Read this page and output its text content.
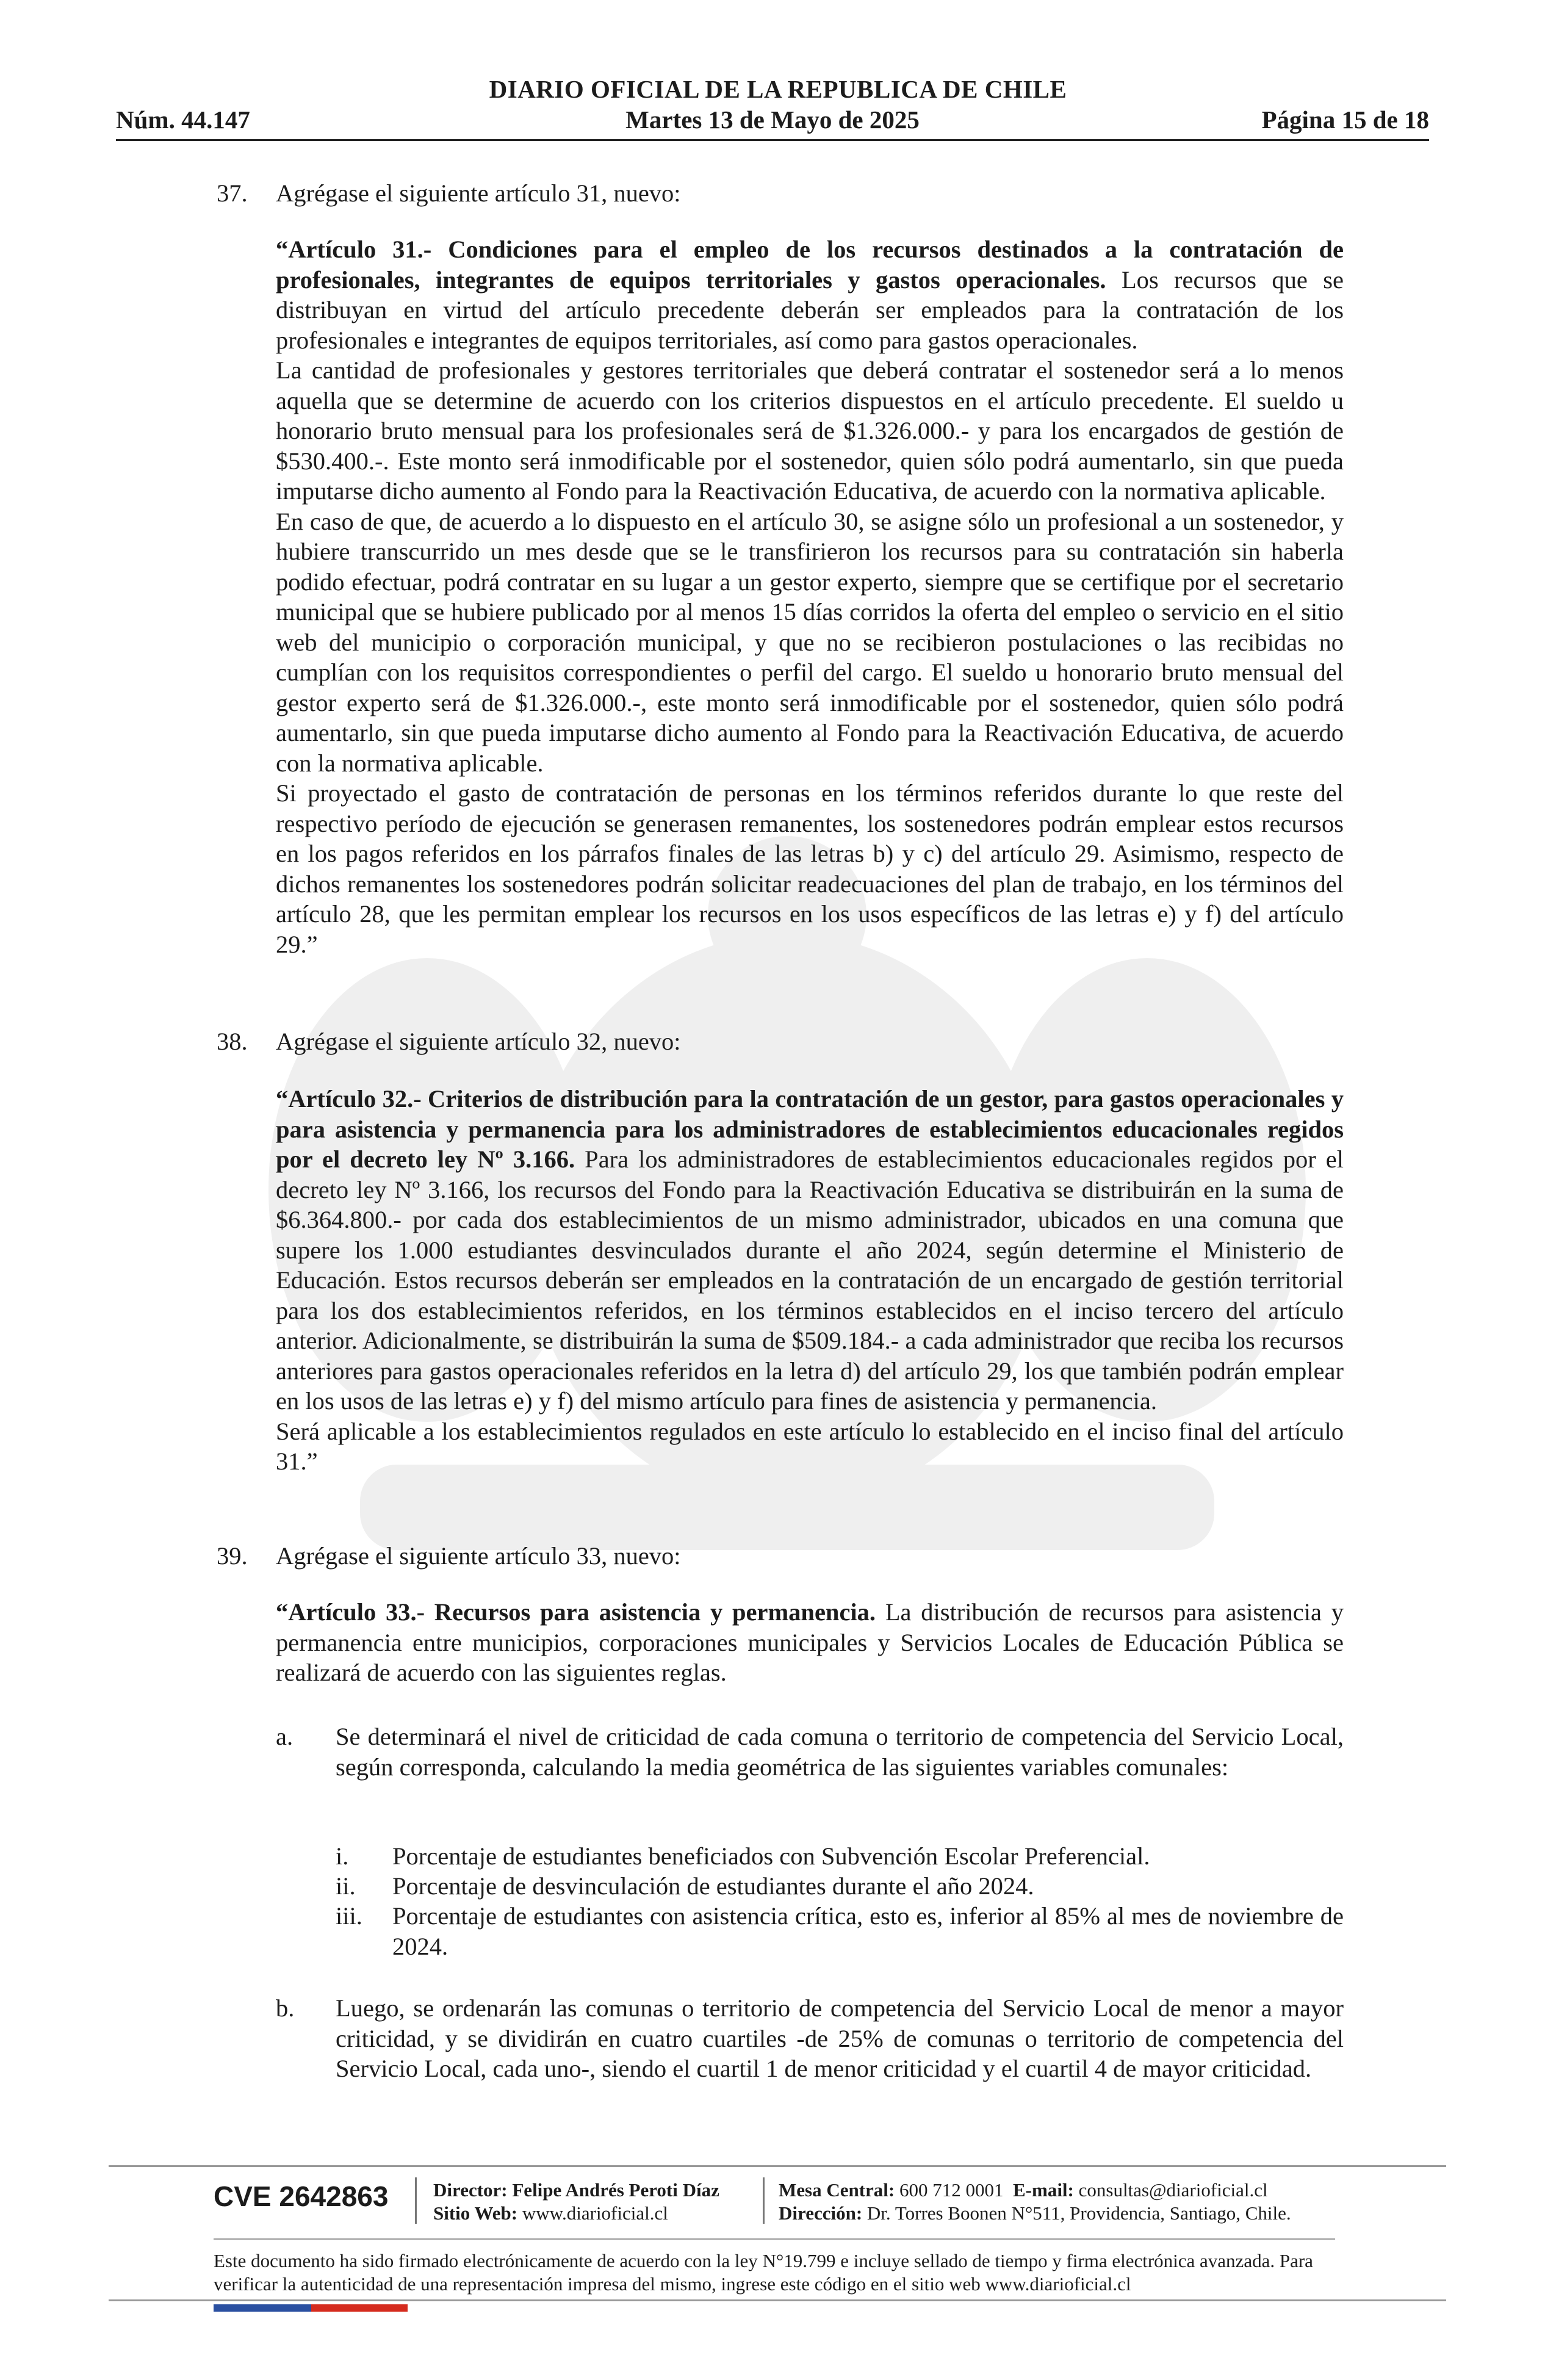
DIARIO OFICIAL DE LA REPUBLICA DE CHILE
Núm. 44.147	Martes 13 de Mayo de 2025	Página 15 de 18
37. Agrégase el siguiente artículo 31, nuevo:

“Artículo 31.- Condiciones para el empleo de los recursos destinados a la contratación de profesionales, integrantes de equipos territoriales y gastos operacionales. Los recursos que se distribuyan en virtud del artículo precedente deberán ser empleados para la contratación de los profesionales e integrantes de equipos territoriales, así como para gastos operacionales.

La cantidad de profesionales y gestores territoriales que deberá contratar el sostenedor será a lo menos aquella que se determine de acuerdo con los criterios dispuestos en el artículo precedente. El sueldo u honorario bruto mensual para los profesionales será de $1.326.000.- y para los encargados de gestión de $530.400.-. Este monto será inmodificable por el sostenedor, quien sólo podrá aumentarlo, sin que pueda imputarse dicho aumento al Fondo para la Reactivación Educativa, de acuerdo con la normativa aplicable.

En caso de que, de acuerdo a lo dispuesto en el artículo 30, se asigne sólo un profesional a un sostenedor, y hubiere transcurrido un mes desde que se le transfirieron los recursos para su contratación sin haberla podido efectuar, podrá contratar en su lugar a un gestor experto, siempre que se certifique por el secretario municipal que se hubiere publicado por al menos 15 días corridos la oferta del empleo o servicio en el sitio web del municipio o corporación municipal, y que no se recibieron postulaciones o las recibidas no cumplían con los requisitos correspondientes o perfil del cargo. El sueldo u honorario bruto mensual del gestor experto será de $1.326.000.-, este monto será inmodificable por el sostenedor, quien sólo podrá aumentarlo, sin que pueda imputarse dicho aumento al Fondo para la Reactivación Educativa, de acuerdo con la normativa aplicable.

Si proyectado el gasto de contratación de personas en los términos referidos durante lo que reste del respectivo período de ejecución se generasen remanentes, los sostenedores podrán emplear estos recursos en los pagos referidos en los párrafos finales de las letras b) y c) del artículo 29. Asimismo, respecto de dichos remanentes los sostenedores podrán solicitar readecuaciones del plan de trabajo, en los términos del artículo 28, que les permitan emplear los recursos en los usos específicos de las letras e) y f) del artículo 29.”

38. Agrégase el siguiente artículo 32, nuevo:

“Artículo 32.- Criterios de distribución para la contratación de un gestor, para gastos operacionales y para asistencia y permanencia para los administradores de establecimientos educacionales regidos por el decreto ley Nº 3.166. Para los administradores de establecimientos educacionales regidos por el decreto ley Nº 3.166, los recursos del Fondo para la Reactivación Educativa se distribuirán en la suma de $6.364.800.- por cada dos establecimientos de un mismo administrador, ubicados en una comuna que supere los 1.000 estudiantes desvinculados durante el año 2024, según determine el Ministerio de Educación. Estos recursos deberán ser empleados en la contratación de un encargado de gestión territorial para los dos establecimientos referidos, en los términos establecidos en el inciso tercero del artículo anterior. Adicionalmente, se distribuirán la suma de $509.184.- a cada administrador que reciba los recursos anteriores para gastos operacionales referidos en la letra d) del artículo 29, los que también podrán emplear en los usos de las letras e) y f) del mismo artículo para fines de asistencia y permanencia.

Será aplicable a los establecimientos regulados en este artículo lo establecido en el inciso final del artículo 31.”

39. Agrégase el siguiente artículo 33, nuevo:

“Artículo 33.- Recursos para asistencia y permanencia. La distribución de recursos para asistencia y permanencia entre municipios, corporaciones municipales y Servicios Locales de Educación Pública se realizará de acuerdo con las siguientes reglas.

a. Se determinará el nivel de criticidad de cada comuna o territorio de competencia del Servicio Local, según corresponda, calculando la media geométrica de las siguientes variables comunales:
i. Porcentaje de estudiantes beneficiados con Subvención Escolar Preferencial.
ii. Porcentaje de desvinculación de estudiantes durante el año 2024.
iii. Porcentaje de estudiantes con asistencia crítica, esto es, inferior al 85% al mes de noviembre de 2024.
b. Luego, se ordenarán las comunas o territorio de competencia del Servicio Local de menor a mayor criticidad, y se dividirán en cuatro cuartiles -de 25% de comunas o territorio de competencia del Servicio Local, cada uno-, siendo el cuartil 1 de menor criticidad y el cuartil 4 de mayor criticidad.
CVE 2642863 Director: Felipe Andrés Peroti Díaz
Sitio Web: www.diarioficial.cl
Mesa Central: 600 712 0001 E-mail: consultas@diarioficial.cl
Dirección: Dr. Torres Boonen N°511, Providencia, Santiago, Chile.
Este documento ha sido firmado electrónicamente de acuerdo con la ley N°19.799 e incluye sellado de tiempo y firma electrónica avanzada. Para verificar la autenticidad de una representación impresa del mismo, ingrese este código en el sitio web www.diarioficial.cl
